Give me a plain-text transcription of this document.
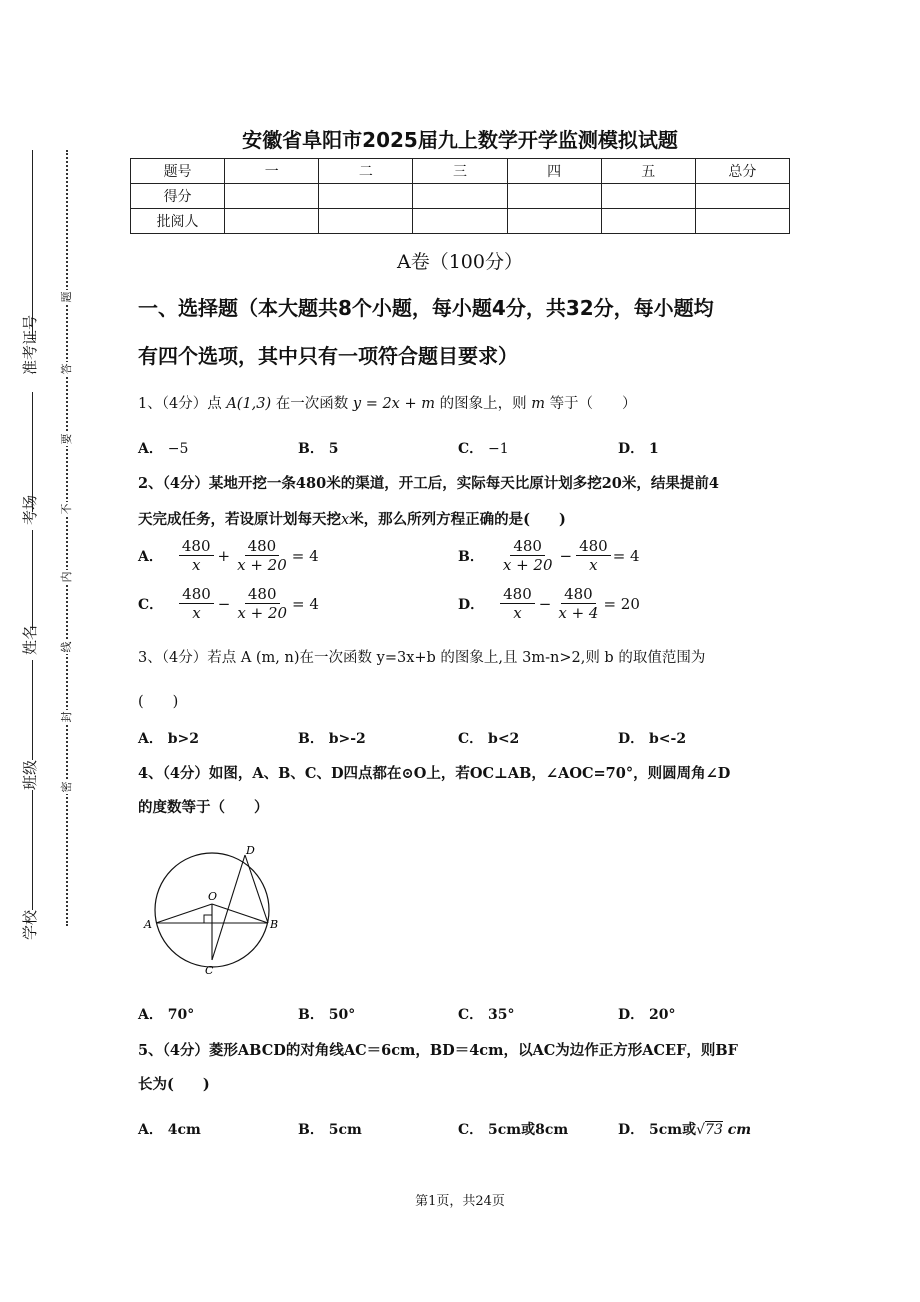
准考证号
考场
姓名
班级
学校
题
答
要
不
内
线
封
密
安徽省阜阳市2025届九上数学开学监测模拟试题
题号	一	二	三	四	五	总分
得分						
批阅人						
A卷（100分）
一、选择题（本大题共8个小题，每小题4分，共32分，每小题均
有四个选项，其中只有一项符合题目要求）
1、（4分）点 A(1,3) 在一次函数 y = 2x + m 的图象上，则 m 等于（　　）
A． −5	B． 5	C． −1	D． 1
2、（4分）某地开挖一条480米的渠道，开工后，实际每天比原计划多挖20米，结果提前4
天完成任务，若设原计划每天挖x米，那么所列方程正确的是(　　)
A． $\frac{480}{x} + \frac{480}{x + 20} = 4$	B． $\frac{480}{x + 20} - \frac{480}{x} = 4$
C． $\frac{480}{x} - \frac{480}{x + 20} = 4$	D． $\frac{480}{x} - \frac{480}{x + 4} = 20$
3、（4分）若点 A (m, n)在一次函数 y=3x+b 的图象上,且 3m-n>2,则 b 的取值范围为
(　　)
A． b>2	B． b>-2	C． b<2	D． b<-2
4、（4分）如图，A、B、C、D四点都在⊙O上，若OC⊥AB，∠AOC=70°，则圆周角∠D
的度数等于（　　）
A	B
C
D
O
A． 70°	B． 50°	C． 35°	D． 20°
5、（4分）菱形ABCD的对角线AC＝6cm，BD＝4cm，以AC为边作正方形ACEF，则BF
长为(　　)
A． 4cm	B． 5cm	C． 5cm或8cm	D． 5cm或√73 cm
第1页，共24页
